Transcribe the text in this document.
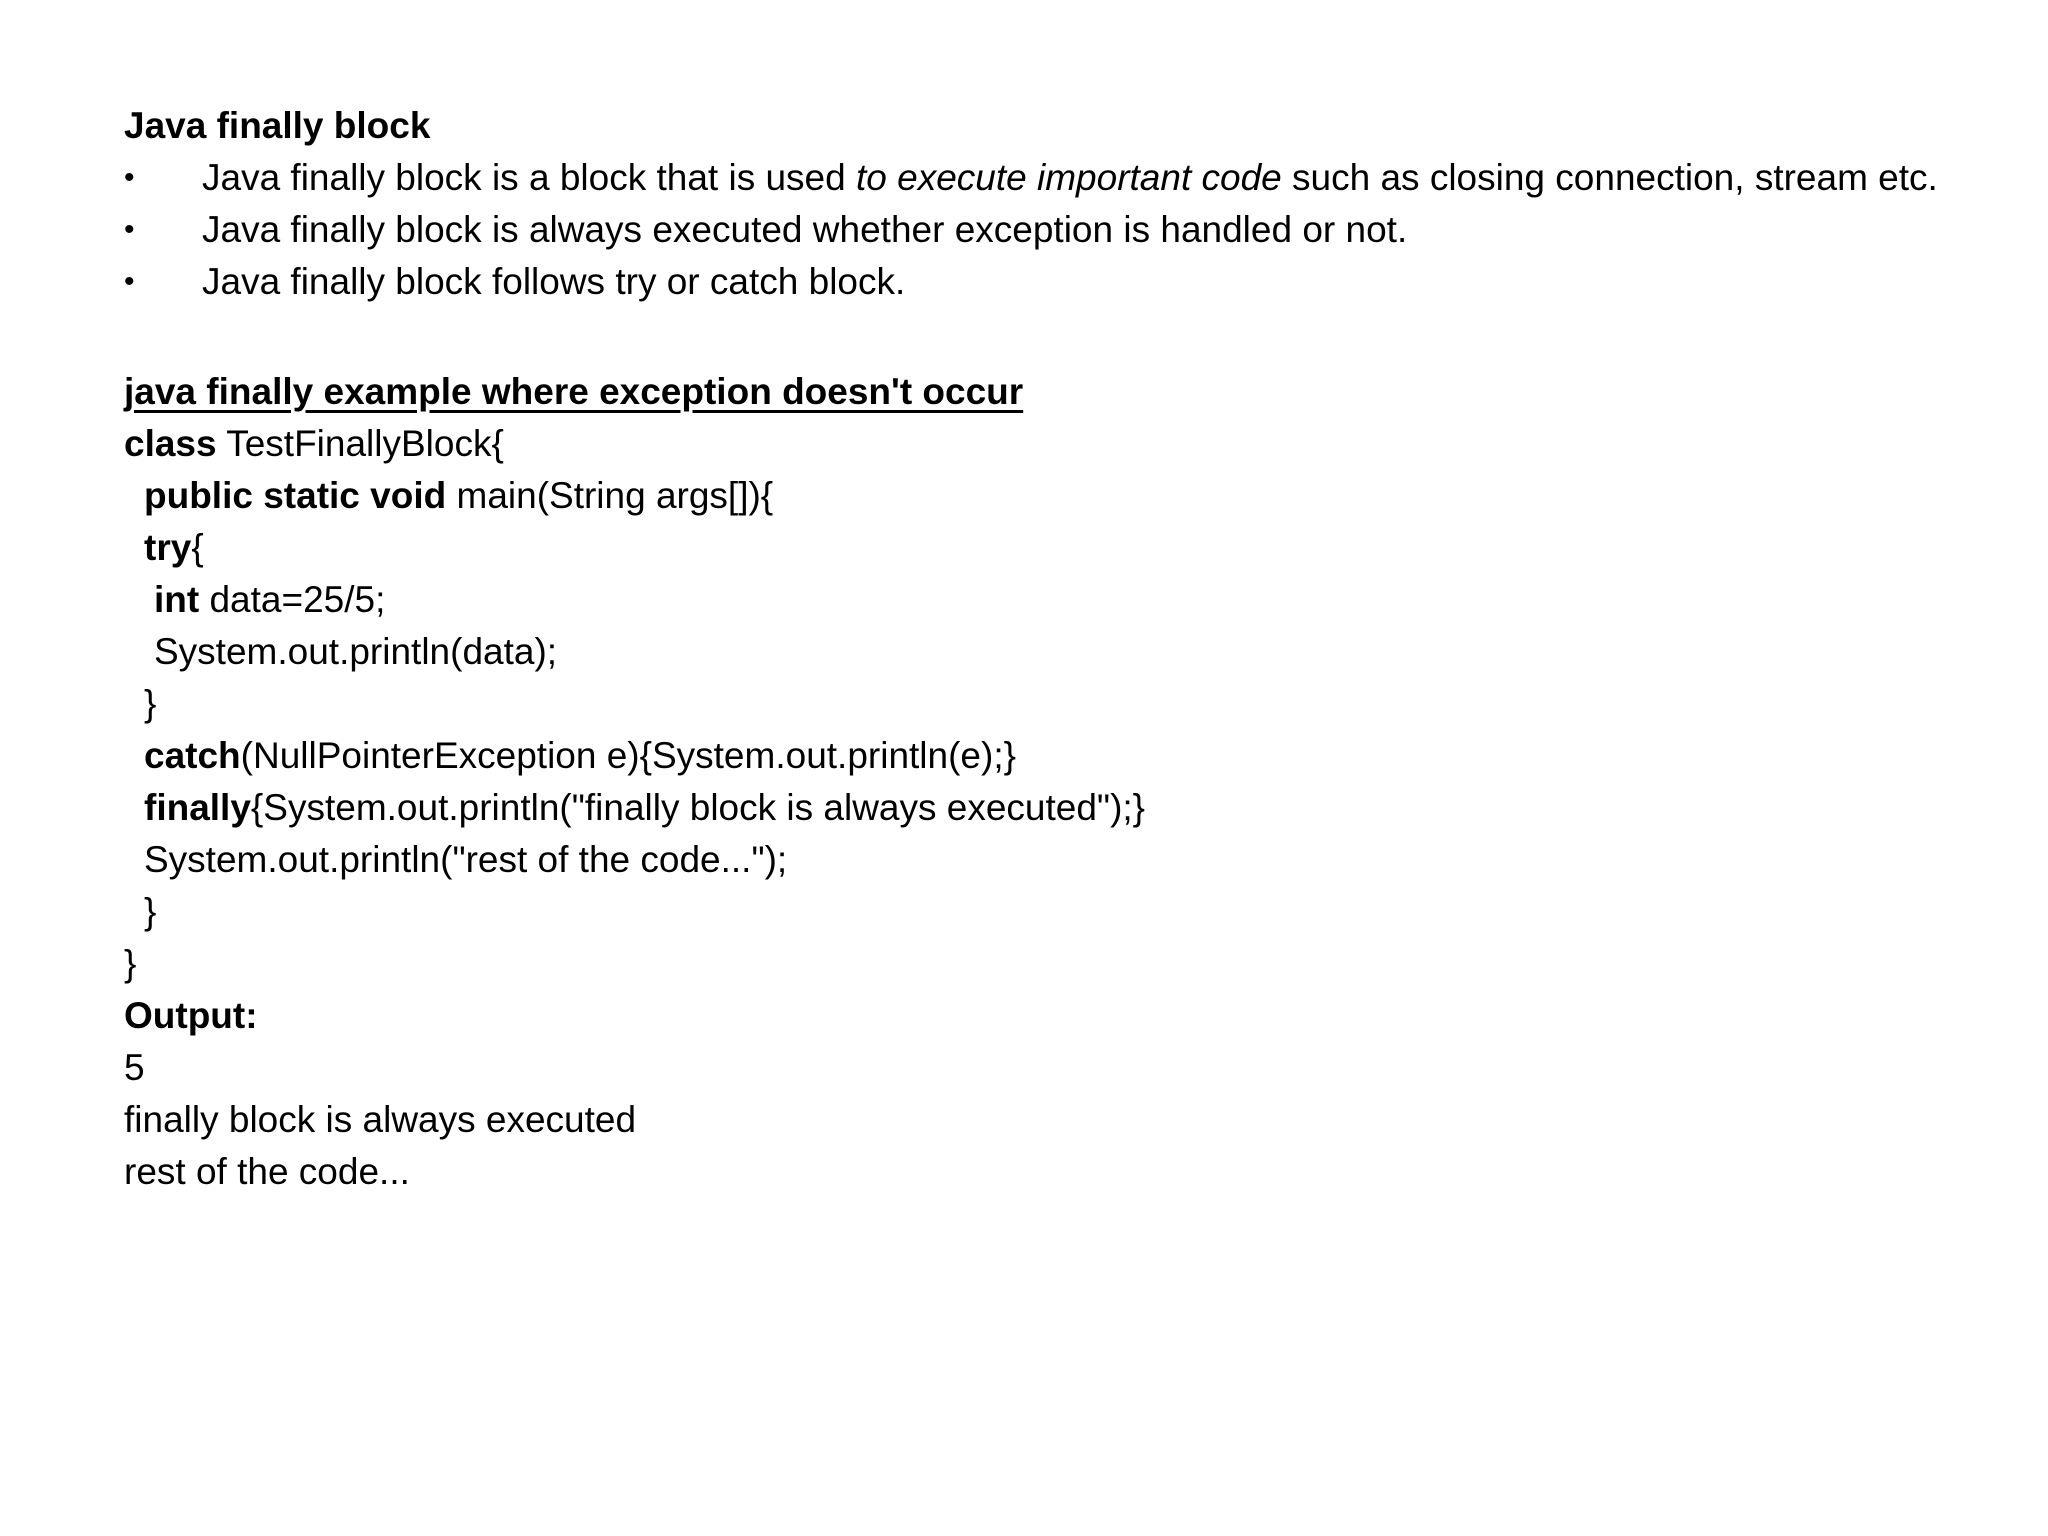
Java finally block
• Java finally block is a block that is used to execute important code such as closing connection, stream etc.
• Java finally block is always executed whether exception is handled or not.
• Java finally block follows try or catch block.
java finally example where exception doesn't occur
class TestFinallyBlock{
public static void main(String args[]){
try{
int data=25/5;
System.out.println(data);
}
catch(NullPointerException e){System.out.println(e);}
finally{System.out.println("finally block is always executed");}
System.out.println("rest of the code...");
}
}
Output:
5
finally block is always executed
rest of the code...
